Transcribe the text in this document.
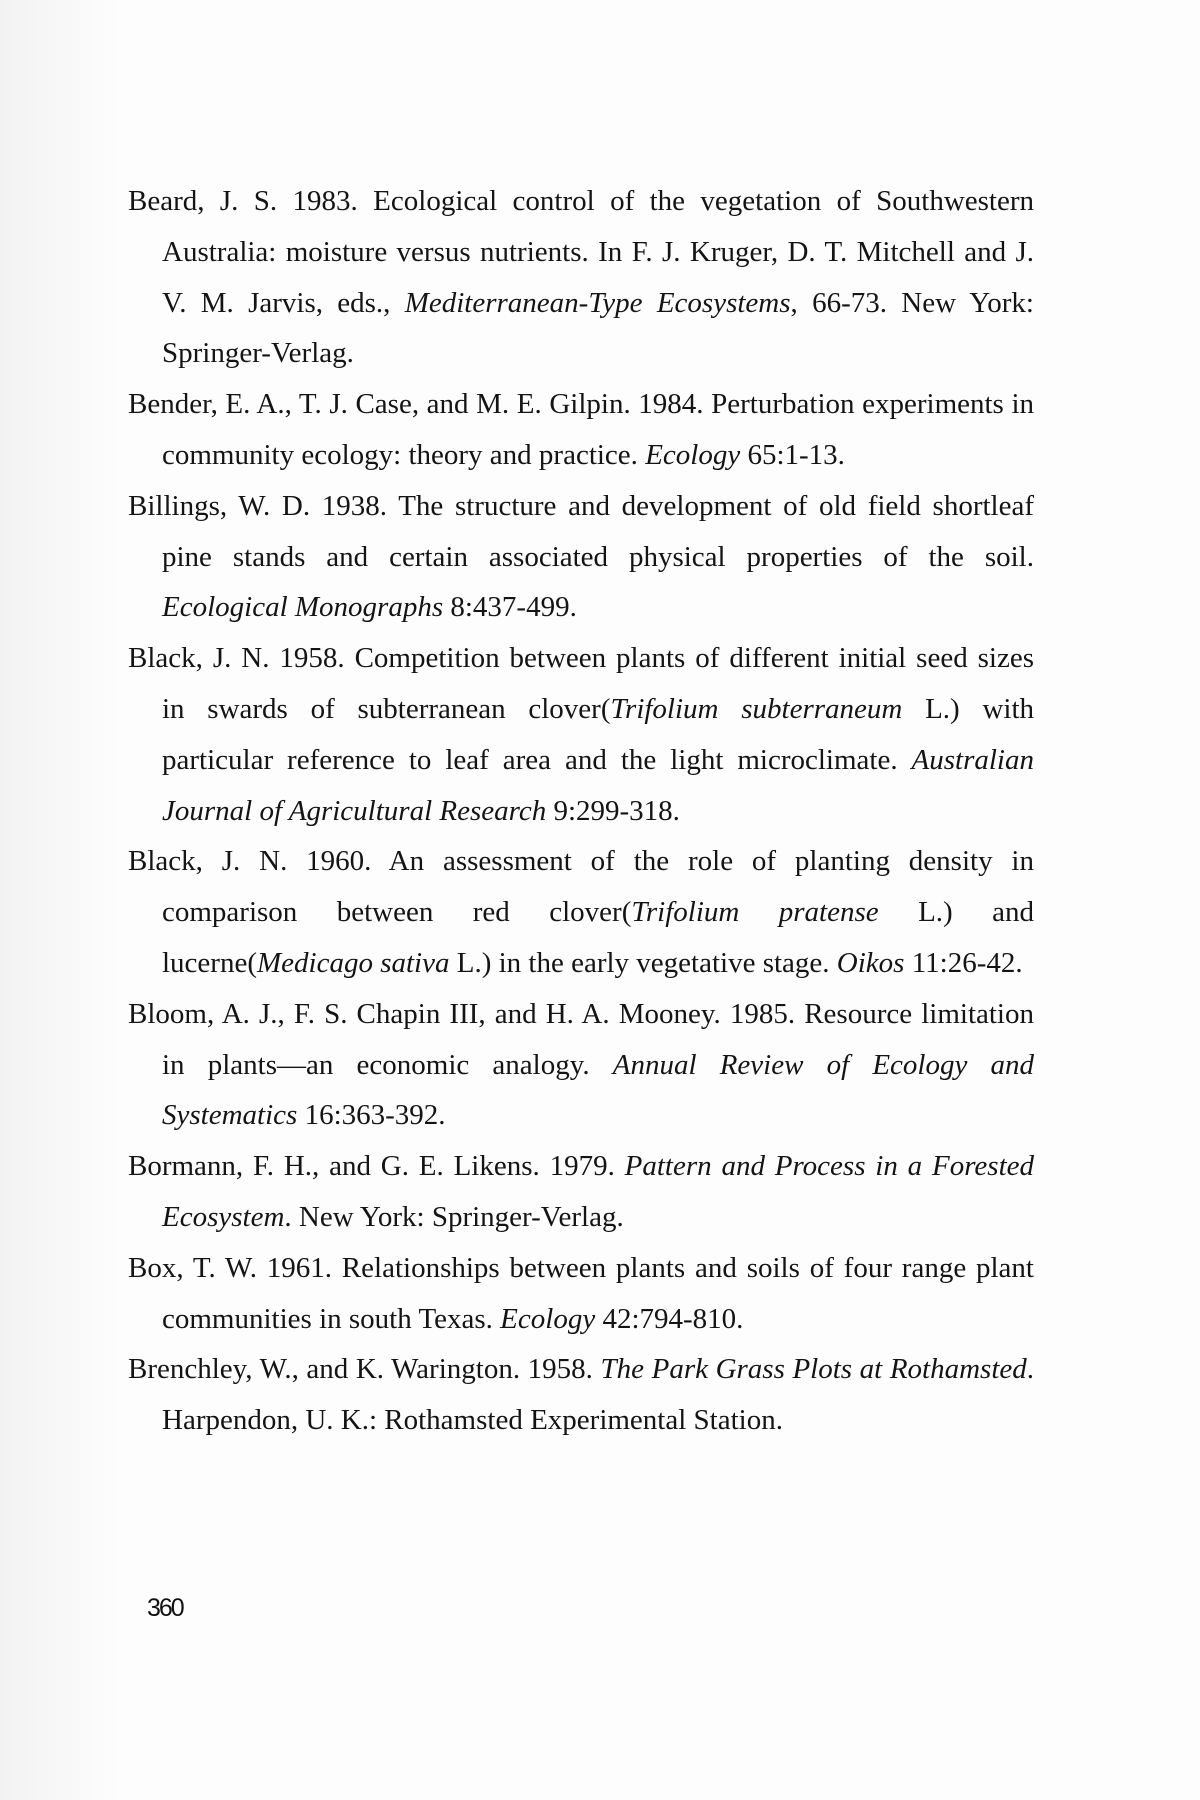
Beard, J. S. 1983. Ecological control of the vegetation of Southwestern Australia: moisture versus nutrients. In F. J. Kruger, D. T. Mitchell and J. V. M. Jarvis, eds., Mediterranean-Type Ecosystems, 66-73. New York: Springer-Verlag.

Bender, E. A., T. J. Case, and M. E. Gilpin. 1984. Perturbation experiments in community ecology: theory and practice. Ecology 65:1-13.

Billings, W. D. 1938. The structure and development of old field shortleaf pine stands and certain associated physical properties of the soil. Ecological Monographs 8:437-499.

Black, J. N. 1958. Competition between plants of different initial seed sizes in swards of subterranean clover(Trifolium subterraneum L.) with particular reference to leaf area and the light microclimate. Australian Journal of Agricultural Research 9:299-318.

Black, J. N. 1960. An assessment of the role of planting density in comparison between red clover(Trifolium pratense L.) and lucerne(Medicago sativa L.) in the early vegetative stage. Oikos 11:26-42.

Bloom, A. J., F. S. Chapin III, and H. A. Mooney. 1985. Resource limitation in plants—an economic analogy. Annual Review of Ecology and Systematics 16:363-392.

Bormann, F. H., and G. E. Likens. 1979. Pattern and Process in a Forested Ecosystem. New York: Springer-Verlag.

Box, T. W. 1961. Relationships between plants and soils of four range plant communities in south Texas. Ecology 42:794-810.

Brenchley, W., and K. Warington. 1958. The Park Grass Plots at Rothamsted. Harpendon, U. K.: Rothamsted Experimental Station.

360
